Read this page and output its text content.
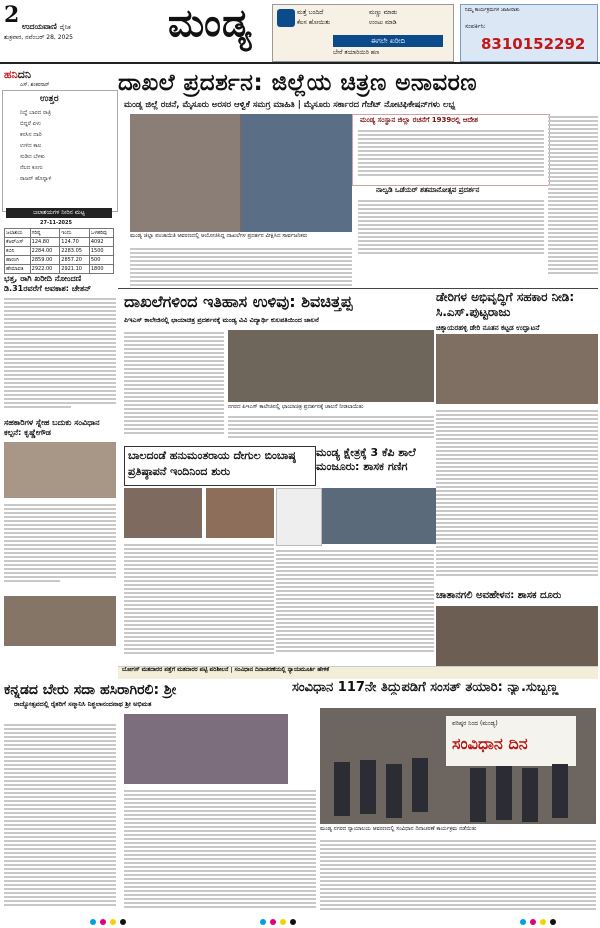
2 ಉದಯವಾಣಿ ದೈನಿಕ
ಶುಕ್ರವಾರ, ನವೆಂಬರ್ 28, 2025	ಮಂಡ್ಯ	ಮತ್ತೆ ಬಂದಿದೆ
ಕೆಲಸ ಹೋಯಿತು
ಮಣ್ಣು ಮಾಡು
ಉಂಟು ಮಾಡಿ
ಈಗಲೇ ಖರೀದಿ
ಬೇರೆ ತಯಾರಿಯಿರಿ ಹಣ
ನಿಮ್ಮ ಕಾರ್ಯಕ್ರಮಗಳ ಜಾಹೀರಾತು
ಸಂಪರ್ಕಿಸಿ:
8310152292
ಹನಿದನಿ
ಎಸ್. ಶಂಕರನಾರ್
ಉತ್ತರ
ನಿದ್ದೆ ಬಾರದ ರಾತ್ರಿ
ಬಿದ್ದರೆ ಏಳು
ಕನಸಿನ ದಾರಿ
ಉಳಿದ ಕಾಲ
ಸುಡಿದ ಬೆಳಕು
ನೆಲದ ಕೂಗು
ರಾಜನ್ ಹೊನ್ನಾಳಿ
ಜಲಾಶಯಗಳ ನೀರಿನ ಮಟ್ಟ
27-11-2025
ಜಲಾಶಯ	ಗರಿಷ್ಠ	ಇಂದು	ಒಳಹರಿವು
ಕೆಆರ್‌ಎಸ್	124.80	124.70	4092
ಕಬಿನಿ	2284.00	2283.05	1500
ಹಾರಂಗಿ	2859.00	2857.20	500
ಹೇಮಾವತಿ	2922.00	2921.10	1800
ಭತ್ತ, ರಾಗಿ ಖರೀದಿ ನೋಂದಣಿ ಡಿ.31ರವರೆಗೆ ಅವಕಾಶ: ಚೇತನ್
ಸಹಕಾರಿಗಳ ಸ್ನೇಹ ಬದುಕು ಸಂವಿಧಾನ ಕಲ್ಪನೆ: ಕೃಷ್ಣೇಗೌಡ
ದಾಖಲೆ ಪ್ರದರ್ಶನ: ಜಿಲ್ಲೆಯ ಚಿತ್ರಣ ಅನಾವರಣ
ಮಂಡ್ಯ ಜಿಲ್ಲೆ ರಚನೆ, ಮೈಸೂರು ಅರಸರ ಆಳ್ವಿಕೆ ಸಮಗ್ರ ಮಾಹಿತಿ | ಮೈಸೂರು ಸರ್ಕಾರದ ಗೆಜೆಟ್‌ ನೋಟಿಫಿಕೇಷನ್‌ಗಳು ಲಭ್ಯ
ಮಂಡ್ಯ ಜಿಲ್ಲಾ ಪಂಚಾಯಿತಿ ಆವರಣದಲ್ಲಿ ಆಯೋಜಿಸಿದ್ದ ದಾಖಲೆಗಳ ಪ್ರದರ್ಶನ ವೀಕ್ಷಿಸಿದ ಸಾರ್ವಜನಿಕರು
ಮಂಡ್ಯ ಸಂಸ್ಥಾನ ಜಿಲ್ಲಾ ರಚನೆಗೆ 1939ರಲ್ಲಿ ಆದೇಶ
ನಾಲ್ವಡಿ ಒಡೆಯರ್ ಶತಮಾನೋತ್ಸವ ಪ್ರದರ್ಶನ
ದಾಖಲೆಗಳಿಂದ ಇತಿಹಾಸ ಉಳಿವು: ಶಿವಚಿತ್ತಪ್ಪ
ಪಿಇಎಸ್ ಕಾಲೇಜಿನಲ್ಲಿ ಛಾಯಾಚಿತ್ರ ಪ್ರದರ್ಶನಕ್ಕೆ ಮಂಡ್ಯ ವಿವಿ ವಿದ್ಯಾರ್ಥಿ ಕುಲಪತಿಯಿಂದ ಚಾಲನೆ
ನಗರದ ಪಿಇಎಸ್ ಕಾಲೇಜಿನಲ್ಲಿ ಛಾಯಾಚಿತ್ರ ಪ್ರದರ್ಶನಕ್ಕೆ ಚಾಲನೆ ನೀಡಲಾಯಿತು
ಡೇರಿಗಳ ಅಭಿವೃದ್ಧಿಗೆ ಸಹಕಾರ ನೀಡಿ: ಸಿ.ಎಸ್.ಪುಟ್ಟರಾಜು
ಚಿಕ್ಕಾಯರಹಳ್ಳಿ ಡೇರಿ ನೂತನ ಕಟ್ಟಡ ಉದ್ಘಾಟನೆ
ಬಾಲದಂಡೆ ಹನುಮಂತರಾಯ ದೇಗುಲ ಬಿಂಬಾಷ್ಠ ಪ್ರತಿಷ್ಠಾಪನೆ ಇಂದಿನಿಂದ ಶುರು
ಮಂಡ್ಯ ಕ್ಷೇತ್ರಕ್ಕೆ 3 ಕೆಪಿ ಶಾಲೆ ಮಂಜೂರು: ಶಾಸಕ ಗಣಿಗ
ಚಾತಾನಗಲಿ ಅವಹೇಳನ: ಶಾಸಕ ದೂರು
ಬೋಗಸ್ ಮತದಾರರ ಪತ್ತೆಗೆ ಮತದಾರರ ಪಟ್ಟಿ ಪರಿಶೀಲನೆ | ಸಂವಿಧಾನ ದಿನಾಚರಣೆಯಲ್ಲಿ ನ್ಯಾಯಮೂರ್ತಿ ಹೇಳಿಕೆ
ಕನ್ನಡದ ಬೇರು ಸದಾ ಹಸಿರಾಗಿರಲಿ: ಶ್ರೀ
ರಾಜ್ಯೋತ್ಸವದಲ್ಲಿ ರೈತರಿಗೆ ಸನ್ಮಾನಿಸಿ ನಿಶ್ಚಲಾನಂದನಾಥ ಶ್ರೀ ಅಭಿಮತ
ಸಂವಿಧಾನ 117ನೇ ತಿದ್ದುಪಡಿಗೆ ಸಂಸತ್ ತಯಾರಿ: ನ್ಯಾ.ಸುಬ್ಬಣ್ಣ
ವರಿಷ್ಠರ ನಿಂದ (ಮಂಡ್ಯ)
ಸಂವಿಧಾನ ದಿನ
ಮಂಡ್ಯ ನಗರದ ನ್ಯಾಯಾಲಯ ಆವರಣದಲ್ಲಿ ಸಂವಿಧಾನ ದಿನಾಚರಣೆ ಕಾರ್ಯಕ್ರಮ ನಡೆಯಿತು
